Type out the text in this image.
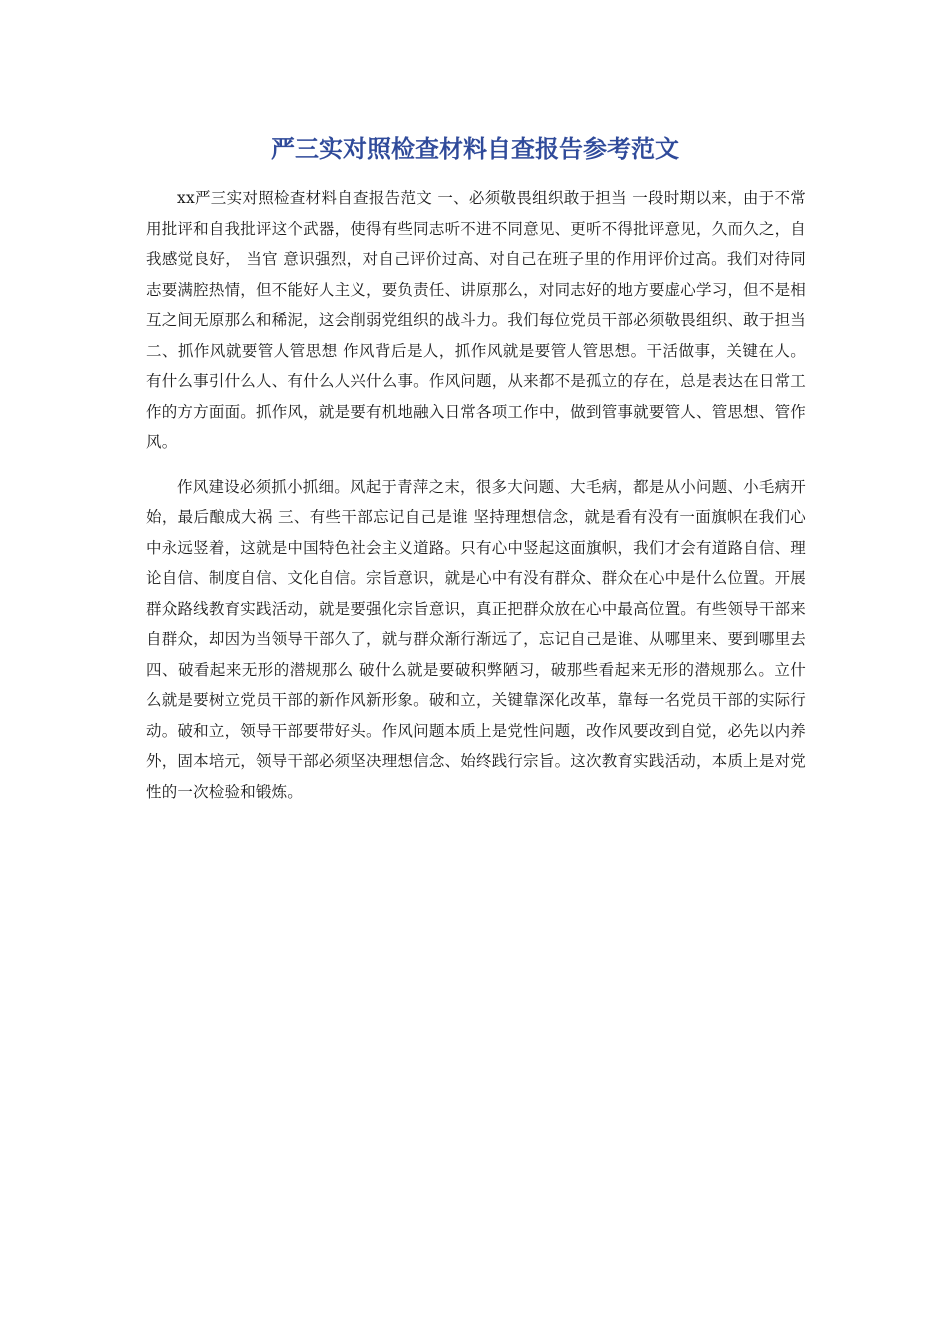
严三实对照检查材料自查报告参考范文

xx严三实对照检查材料自查报告范文 一、必须敬畏组织敢于担当 一段时期以来，由于不常用批评和自我批评这个武器，使得有些同志听不进不同意见、更听不得批评意见，久而久之，自我感觉良好， 当官 意识强烈，对自己评价过高、对自己在班子里的作用评价过高。我们对待同志要满腔热情，但不能好人主义，要负责任、讲原那么，对同志好的地方要虚心学习，但不是相互之间无原那么和稀泥，这会削弱党组织的战斗力。我们每位党员干部必须敬畏组织、敢于担当 二、抓作风就要管人管思想 作风背后是人，抓作风就是要管人管思想。干活做事，关键在人。有什么事引什么人、有什么人兴什么事。作风问题，从来都不是孤立的存在，总是表达在日常工作的方方面面。抓作风，就是要有机地融入日常各项工作中，做到管事就要管人、管思想、管作风。

作风建设必须抓小抓细。风起于青萍之末，很多大问题、大毛病，都是从小问题、小毛病开始，最后酿成大祸 三、有些干部忘记自己是谁 坚持理想信念，就是看有没有一面旗帜在我们心中永远竖着，这就是中国特色社会主义道路。只有心中竖起这面旗帜，我们才会有道路自信、理论自信、制度自信、文化自信。宗旨意识，就是心中有没有群众、群众在心中是什么位置。开展群众路线教育实践活动，就是要强化宗旨意识，真正把群众放在心中最高位置。有些领导干部来自群众，却因为当领导干部久了，就与群众渐行渐远了，忘记自己是谁、从哪里来、要到哪里去 四、破看起来无形的潜规那么 破什么就是要破积弊陋习，破那些看起来无形的潜规那么。立什么就是要树立党员干部的新作风新形象。破和立，关键靠深化改革，靠每一名党员干部的实际行动。破和立，领导干部要带好头。作风问题本质上是党性问题，改作风要改到自觉，必先以内养外，固本培元，领导干部必须坚决理想信念、始终践行宗旨。这次教育实践活动，本质上是对党性的一次检验和锻炼。
